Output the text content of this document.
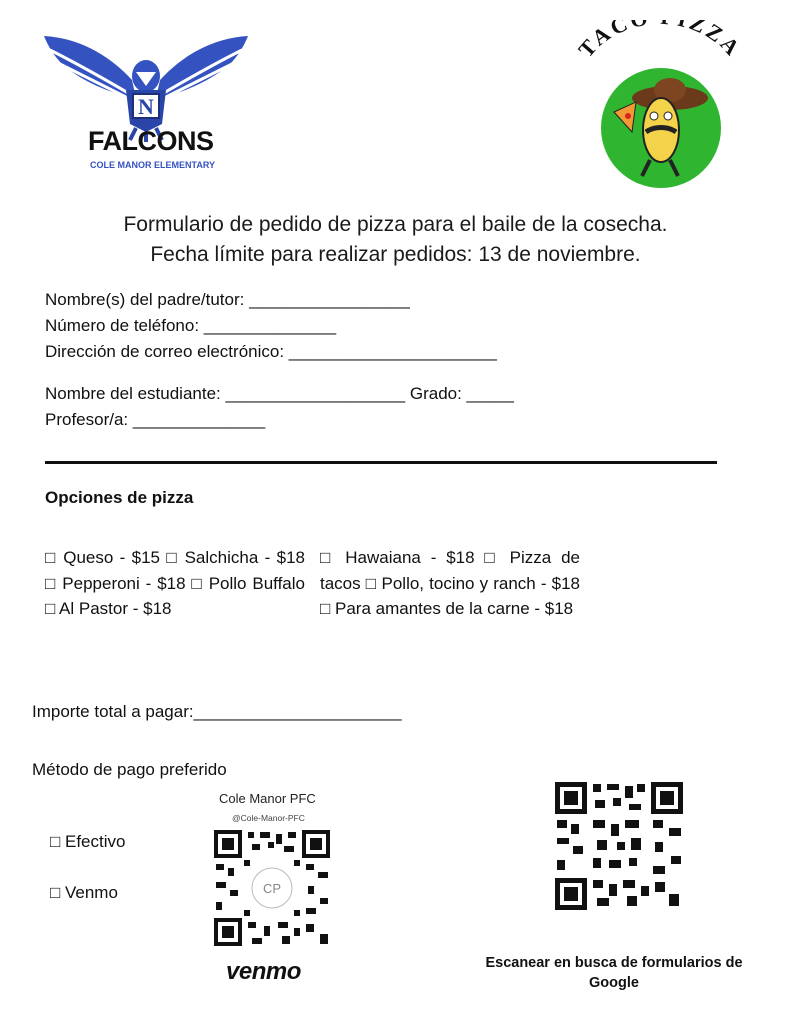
N
FALCONS
COLE MANOR ELEMENTARY
TAC ZZA
Formulario de pedido de pizza para el baile de la cosecha.
Fecha límite para realizar pedidos: 13 de noviembre.
Nombre(s) del padre/tutor: _________________
Número de teléfono: ______________
Dirección de correo electrónico: ______________________
Nombre del estudiante: ___________________ Grado: _____
Profesor/a: ______________
Opciones de pizza
□ Queso - $15 □ Salchicha - $18 □ Pepperoni - $18 □ Pollo Buffalo □ Al Pastor - $18
□ Hawaiana - $18 □ Pizza de tacos □ Pollo, tocino y ranch - $18 □ Para amantes de la carne - $18
Importe total a pagar:______________________
Método de pago preferido
□ Efectivo
□ Venmo
Cole Manor PFC
@Cole-Manor-PFC
CP
venmo	Escanear en busca de formularios de Google
